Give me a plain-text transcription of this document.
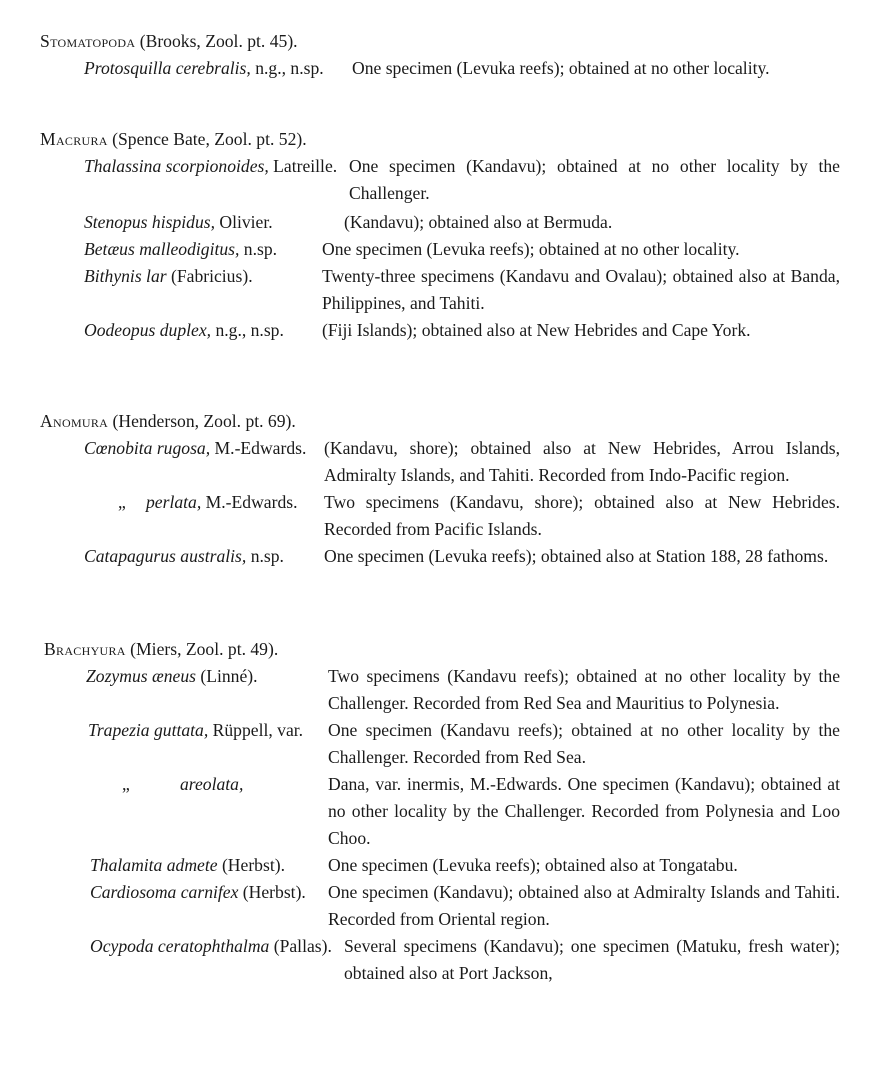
Stomatopoda (Brooks, Zool. pt. 45).
Protosquilla cerebralis, n.g., n.sp.	One specimen (Levuka reefs); obtained at no other locality.
Macrura (Spence Bate, Zool. pt. 52).
Thalassina scorpionoides, Latreille. One specimen (Kandavu); obtained at no other locality by the Challenger.
Stenopus hispidus, Olivier.	(Kandavu); obtained also at Bermuda.
Betæus malleodigitus, n.sp.	One specimen (Levuka reefs); obtained at no other locality.
Bithynis lar (Fabricius).	Twenty-three specimens (Kandavu and Ovalau); obtained also at Banda, Philippines, and Tahiti.
Oodeopus duplex, n.g., n.sp.	(Fiji Islands); obtained also at New Hebrides and Cape York.
Anomura (Henderson, Zool. pt. 69).
Cœnobita rugosa, M.-Edwards.	(Kandavu, shore); obtained also at New Hebrides, Arrou Islands, Admiralty Islands, and Tahiti. Recorded from Indo-Pacific region.
„ perlata, M.-Edwards.	Two specimens (Kandavu, shore); obtained also at New Hebrides. Recorded from Pacific Islands.
Catapagurus australis, n.sp.	One specimen (Levuka reefs); obtained also at Station 188, 28 fathoms.
Brachyura (Miers, Zool. pt. 49).
Zozymus æneus (Linné).	Two specimens (Kandavu reefs); obtained at no other locality by the Challenger. Recorded from Red Sea and Mauritius to Polynesia.
Trapezia guttata, Rüppell, var.	One specimen (Kandavu reefs); obtained at no other locality by the Challenger. Recorded from Red Sea.
„	areolata,	Dana, var. inermis, M.-Edwards. One specimen (Kandavu); obtained at no other locality by the Challenger. Recorded from Polynesia and Loo Choo.
Thalamita admete (Herbst).	One specimen (Levuka reefs); obtained also at Tongatabu.
Cardiosoma carnifex (Herbst).	One specimen (Kandavu); obtained also at Admiralty Islands and Tahiti. Recorded from Oriental region.
Ocypoda ceratophthalma (Pallas). Several specimens (Kandavu); one specimen (Matuku, fresh water); obtained also at Port Jackson,
